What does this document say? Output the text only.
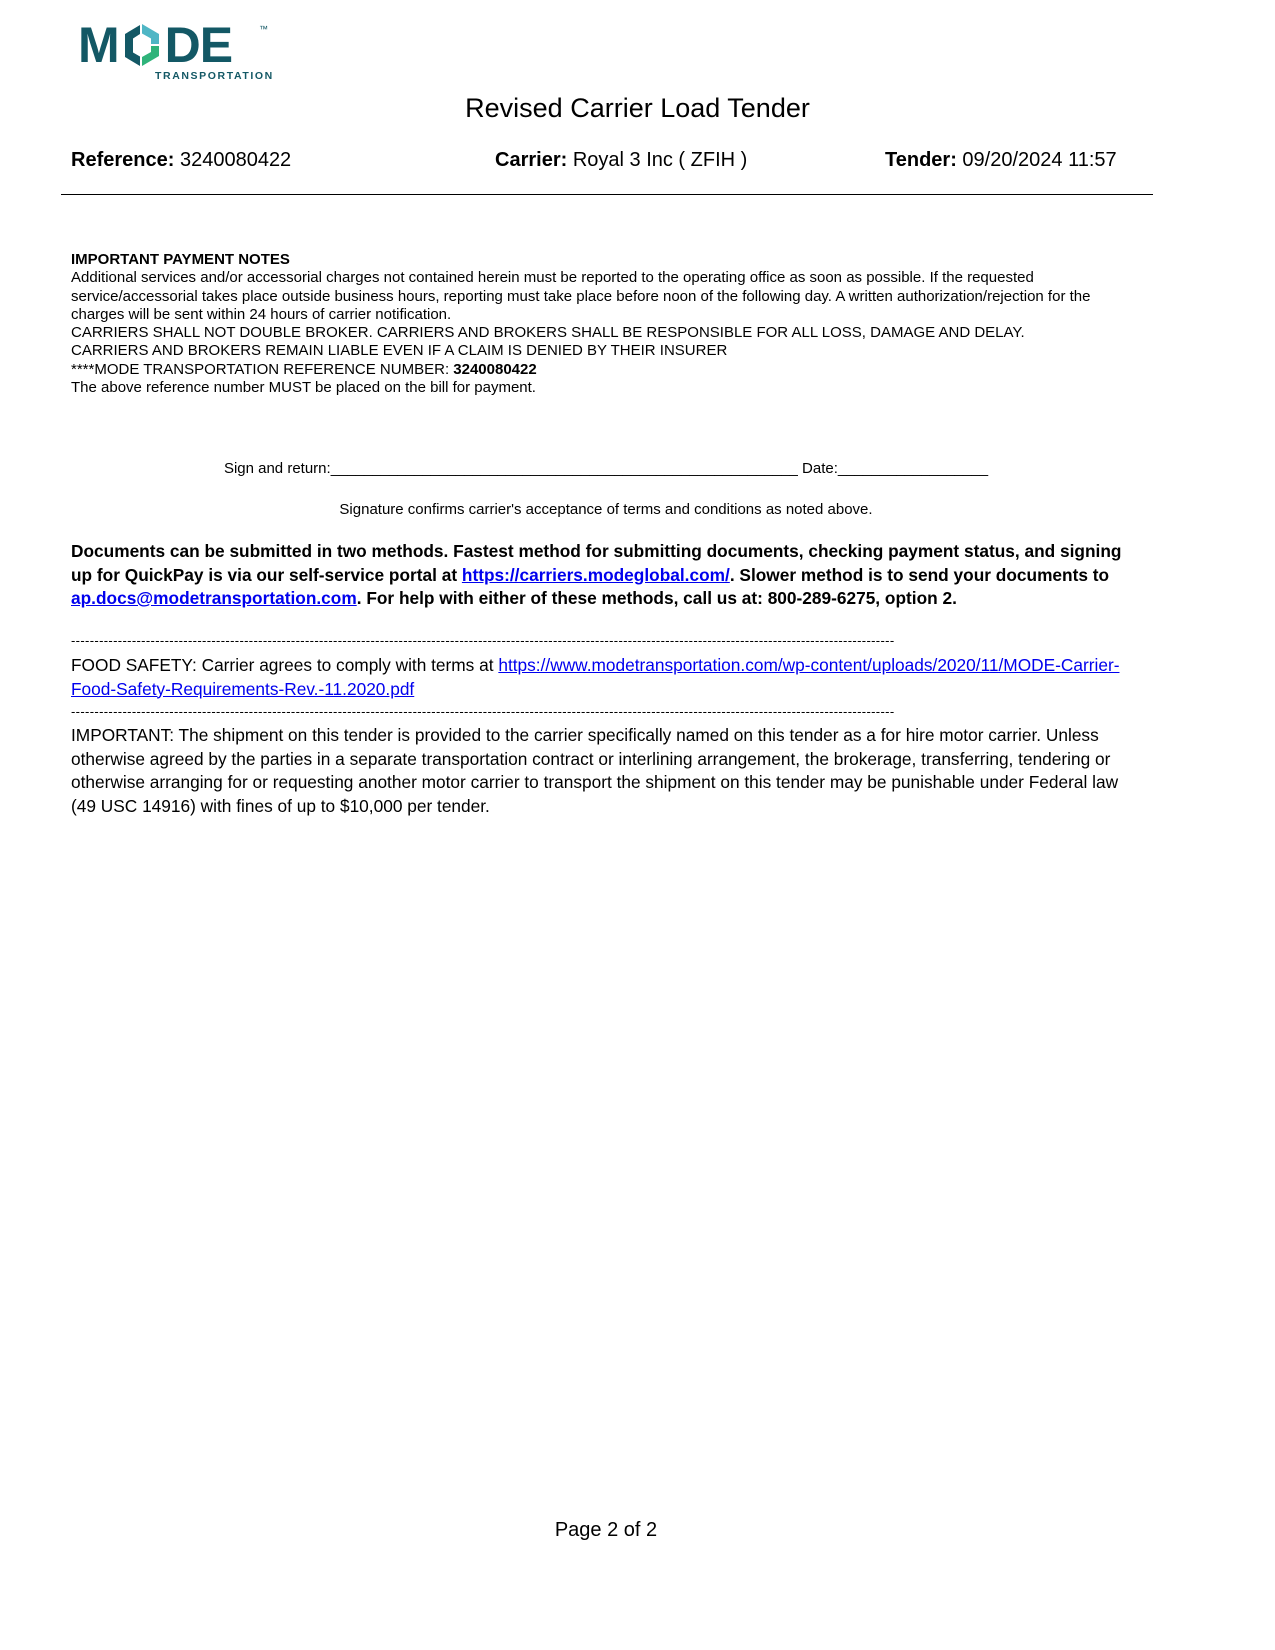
M DE	™
TRANSPORTATION
Revised Carrier Load Tender
Reference: 3240080422	Carrier: Royal 3 Inc ( ZFIH )	Tender: 09/20/2024 11:57
IMPORTANT PAYMENT NOTES
Additional services and/or accessorial charges not contained herein must be reported to the operating office as soon as possible. If the requested service/accessorial takes place outside business hours, reporting must take place before noon of the following day. A written authorization/rejection for the charges will be sent within 24 hours of carrier notification.
CARRIERS SHALL NOT DOUBLE BROKER. CARRIERS AND BROKERS SHALL BE RESPONSIBLE FOR ALL LOSS, DAMAGE AND DELAY.
CARRIERS AND BROKERS REMAIN LIABLE EVEN IF A CLAIM IS DENIED BY THEIR INSURER
****MODE TRANSPORTATION REFERENCE NUMBER: 3240080422
The above reference number MUST be placed on the bill for payment.
Sign and return:________________________________________________________ Date:__________________
Signature confirms carrier's acceptance of terms and conditions as noted above.
Documents can be submitted in two methods. Fastest method for submitting documents, checking payment status, and signing up for QuickPay is via our self-service portal at https://carriers.modeglobal.com/. Slower method is to send your documents to ap.docs@modetransportation.com. For help with either of these methods, call us at: 800-289-6275, option 2.
--------------------------------------------------------------------------------------------------------------------------------------------------------------------------------
FOOD SAFETY: Carrier agrees to comply with terms at https://www.modetransportation.com/wp-content/uploads/2020/11/MODE-Carrier-Food-Safety-Requirements-Rev.-11.2020.pdf
--------------------------------------------------------------------------------------------------------------------------------------------------------------------------------
IMPORTANT: The shipment on this tender is provided to the carrier specifically named on this tender as a for hire motor carrier. Unless otherwise agreed by the parties in a separate transportation contract or interlining arrangement, the brokerage, transferring, tendering or otherwise arranging for or requesting another motor carrier to transport the shipment on this tender may be punishable under Federal law (49 USC 14916) with fines of up to $10,000 per tender.
Page 2 of 2
